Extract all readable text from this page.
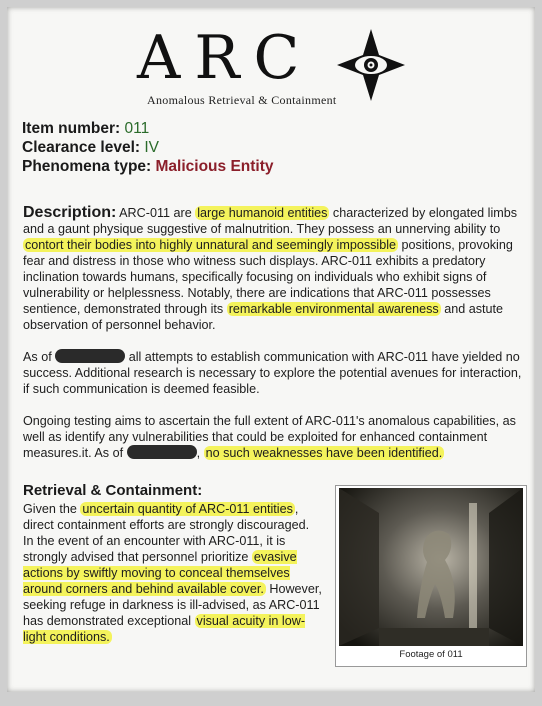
ARC
Anomalous Retrieval & Containment
Item number: 011
Clearance level: IV
Phenomena type: Malicious Entity

Description: ARC-011 are large humanoid entities characterized by elongated limbs and a gaunt physique suggestive of malnutrition. They possess an unnerving ability to contort their bodies into highly unnatural and seemingly impossible positions, provoking fear and distress in those who witness such displays. ARC-011 exhibits a predatory inclination towards humans, specifically focusing on individuals who exhibit signs of vulnerability or helplessness. Notably, there are indications that ARC-011 possesses sentience, demonstrated through its remarkable environmental awareness and astute observation of personnel behavior.

As of	all attempts to establish communication with ARC-011 have yielded no success. Additional research is necessary to explore the potential avenues for interaction, if such communication is deemed feasible.

Ongoing testing aims to ascertain the full extent of ARC-011's anomalous capabilities, as well as identify any vulnerabilities that could be exploited for enhanced containment measures.it. As of	, no such weaknesses have been identified.

Retrieval & Containment:
Given the uncertain quantity of ARC-011 entities , direct containment efforts are strongly discouraged. In the event of an encounter with ARC-011, it is strongly advised that personnel prioritize evasive actions by swiftly moving to conceal themselves around corners and behind available cover. However, seeking refuge in darkness is ill-advised, as ARC-011 has demonstrated exceptional visual acuity in low-light conditions.
Footage of 011
